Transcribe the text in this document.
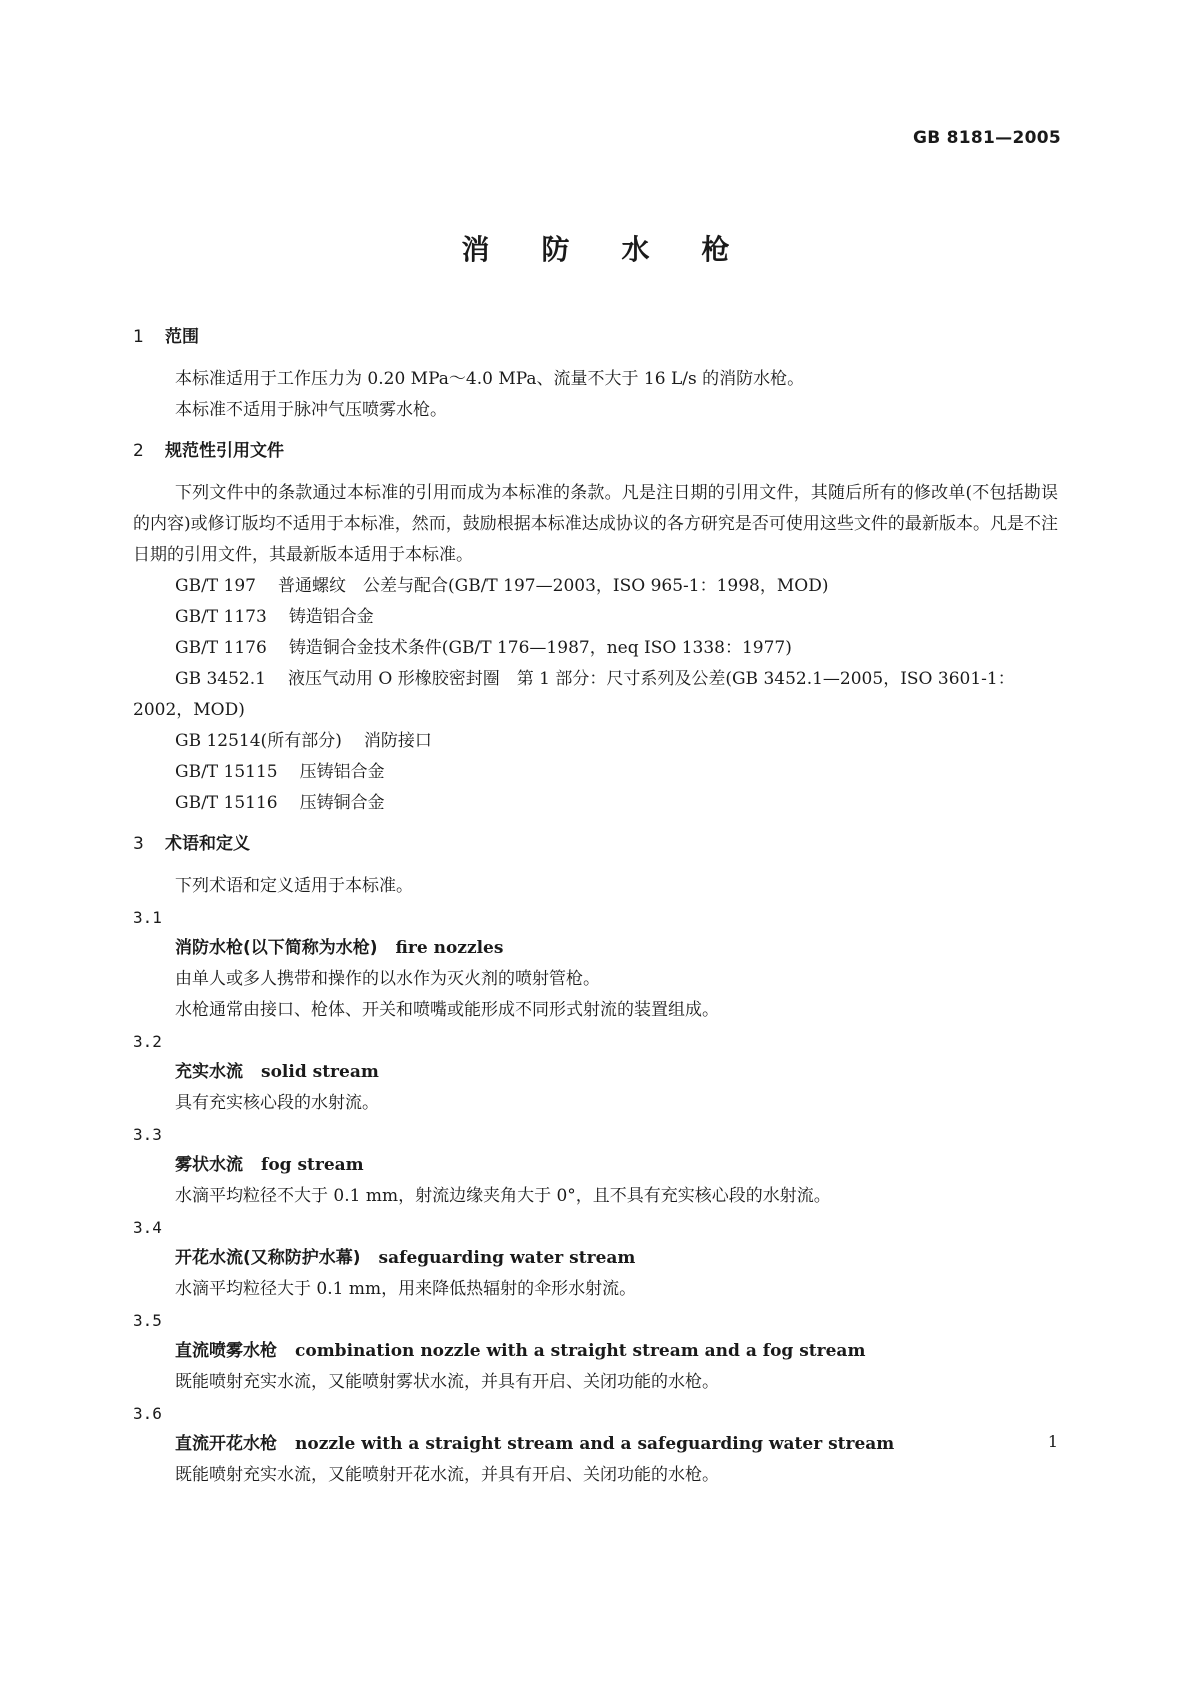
GB 8181—2005
消防水枪
1 范围
本标准适用于工作压力为 0.20 MPa～4.0 MPa、流量不大于 16 L/s 的消防水枪。
本标准不适用于脉冲气压喷雾水枪。
2 规范性引用文件
下列文件中的条款通过本标准的引用而成为本标准的条款。凡是注日期的引用文件，其随后所有的修改单(不包括勘误的内容)或修订版均不适用于本标准，然而，鼓励根据本标准达成协议的各方研究是否可使用这些文件的最新版本。凡是不注日期的引用文件，其最新版本适用于本标准。
GB/T 197 普通螺纹　公差与配合(GB/T 197—2003，ISO 965-1：1998，MOD)
GB/T 1173 铸造铝合金
GB/T 1176 铸造铜合金技术条件(GB/T 176—1987，neq ISO 1338：1977)
GB 3452.1 液压气动用 O 形橡胶密封圈　第 1 部分：尺寸系列及公差(GB 3452.1—2005，ISO 3601-1：2002，MOD)
GB 12514(所有部分) 消防接口
GB/T 15115 压铸铝合金
GB/T 15116 压铸铜合金
3 术语和定义
下列术语和定义适用于本标准。
3.1
消防水枪(以下简称为水枪) fire nozzles
由单人或多人携带和操作的以水作为灭火剂的喷射管枪。
水枪通常由接口、枪体、开关和喷嘴或能形成不同形式射流的装置组成。
3.2
充实水流 solid stream
具有充实核心段的水射流。
3.3
雾状水流 fog stream
水滴平均粒径不大于 0.1 mm，射流边缘夹角大于 0°，且不具有充实核心段的水射流。
3.4
开花水流(又称防护水幕) safeguarding water stream
水滴平均粒径大于 0.1 mm，用来降低热辐射的伞形水射流。
3.5
直流喷雾水枪 combination nozzle with a straight stream and a fog stream
既能喷射充实水流，又能喷射雾状水流，并具有开启、关闭功能的水枪。
3.6
直流开花水枪 nozzle with a straight stream and a safeguarding water stream
既能喷射充实水流，又能喷射开花水流，并具有开启、关闭功能的水枪。
1
